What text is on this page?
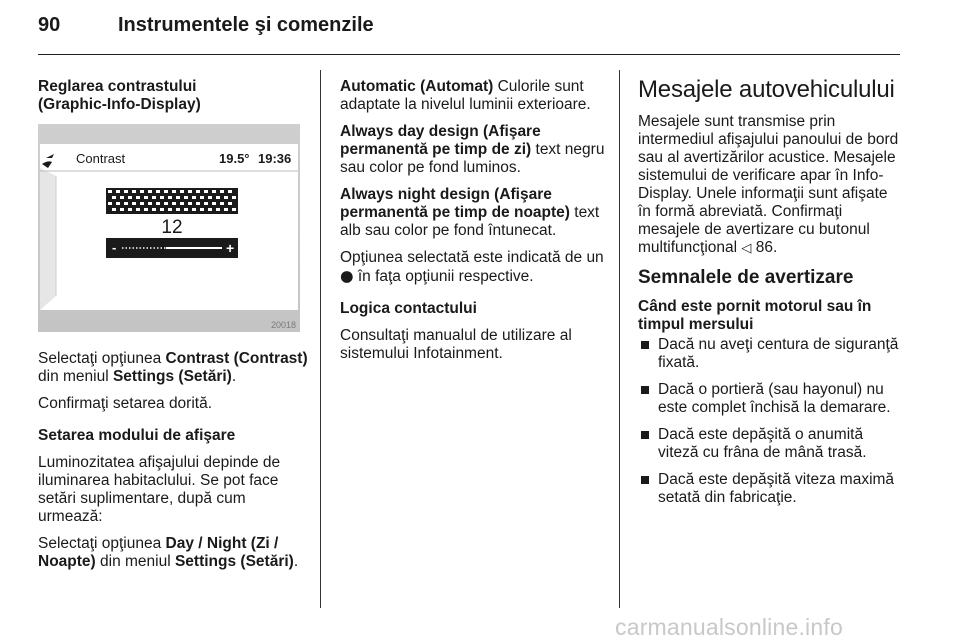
90	Instrumentele şi comenzile

Reglarea contrastului
(Graphic-Info-Display)

Contrast	19.5° 19:36
12
-	+
20018

Selectaţi opţiunea Contrast (Contrast) din meniul Settings (Setări).

Confirmaţi setarea dorită.

Setarea modului de afişare

Luminozitatea afişajului depinde de iluminarea habitaclului. Se pot face setări suplimentare, după cum urmează:

Selectaţi opţiunea Day / Night (Zi / Noapte) din meniul Settings (Setări).

Automatic (Automat) Culorile sunt adaptate la nivelul luminii exterioare.

Always day design (Afişare permanentă pe timp de zi) text negru sau color pe fond luminos.

Always night design (Afişare permanentă pe timp de noapte) text alb sau color pe fond întunecat.

Opţiunea selectată este indicată de un ● în faţa opţiunii respective.

Logica contactului

Consultaţi manualul de utilizare al sistemului Infotainment.

Mesajele autovehiculului

Mesajele sunt transmise prin intermediul afişajului panoului de bord sau al avertizărilor acustice. Mesajele sistemului de verificare apar în Info-Display. Unele informaţii sunt afişate în formă abreviată. Confirmaţi mesajele de avertizare cu butonul multifuncţional ◁ 86.

Semnalele de avertizare

Când este pornit motorul sau în timpul mersului

Dacă nu aveţi centura de siguranţă fixată.
Dacă o portieră (sau hayonul) nu este complet închisă la demarare.
Dacă este depăşită o anumită viteză cu frâna de mână trasă.
Dacă este depăşită viteza maximă setată din fabricaţie.
carmanualsonline.info
